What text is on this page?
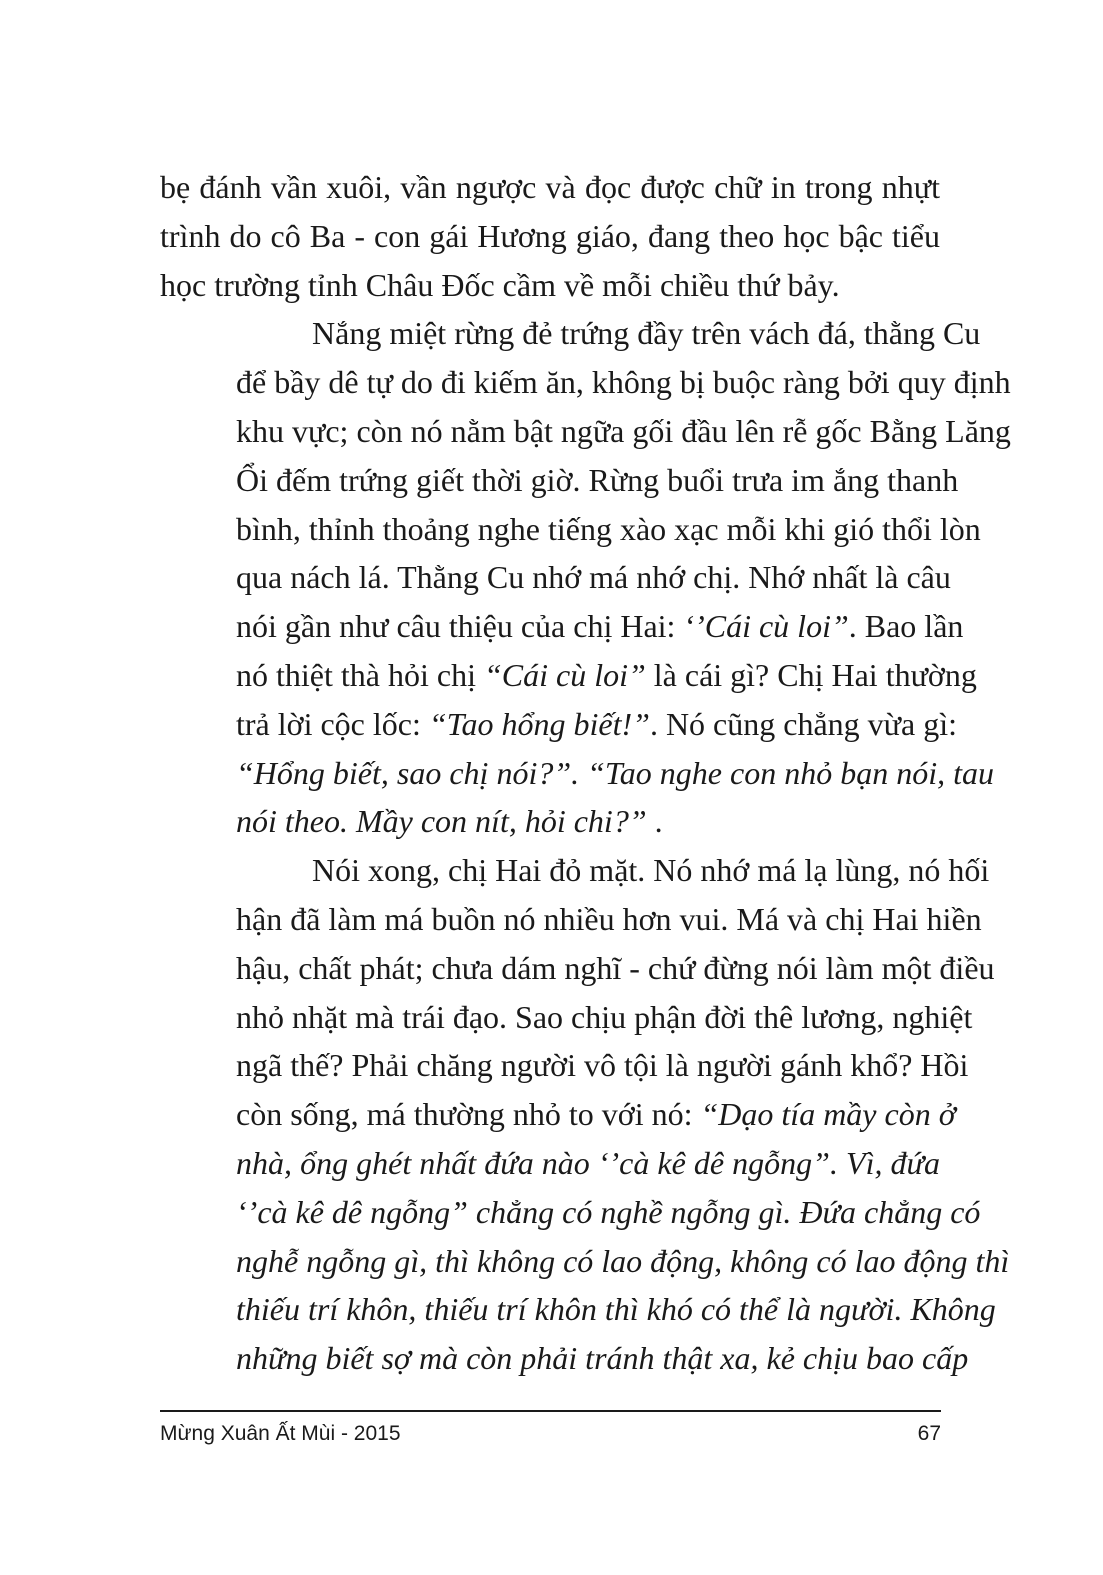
bẹ đánh vần xuôi, vần ngược và đọc được chữ in trong nhựt
trình do cô Ba - con gái Hương giáo, đang theo học bậc tiểu
học trường tỉnh Châu Đốc cầm về mỗi chiều thứ bảy.
Nắng miệt rừng đẻ trứng đầy trên vách đá, thằng Cu
để bầy dê tự do đi kiếm ăn, không bị buộc ràng bởi quy định
khu vực; còn nó nằm bật ngữa gối đầu lên rễ gốc Bằng Lăng
Ổi đếm trứng giết thời giờ. Rừng buổi trưa im ắng thanh
bình, thỉnh thoảng nghe tiếng xào xạc mỗi khi gió thổi lòn
qua nách lá. Thằng Cu nhớ má nhớ chị. Nhớ nhất là câu
nói gần như câu thiệu của chị Hai: ‘’Cái cù loi”. Bao lần
nó thiệt thà hỏi chị “Cái cù loi” là cái gì? Chị Hai thường
trả lời cộc lốc: “Tao hổng biết!”. Nó cũng chẳng vừa gì:
“Hổng biết, sao chị nói?”. “Tao nghe con nhỏ bạn nói, tau
nói theo. Mầy con nít, hỏi chi?” .
Nói xong, chị Hai đỏ mặt. Nó nhớ má lạ lùng, nó hối
hận đã làm má buồn nó nhiều hơn vui. Má và chị Hai hiền
hậu, chất phát; chưa dám nghĩ - chứ đừng nói làm một điều
nhỏ nhặt mà trái đạo. Sao chịu phận đời thê lương, nghiệt
ngã thế? Phải chăng người vô tội là người gánh khổ? Hồi
còn sống, má thường nhỏ to với nó: “Dạo tía mầy còn ở
nhà, ổng ghét nhất đứa nào ‘’cà kê dê ngỗng”. Vì, đứa
‘’cà kê dê ngỗng” chẳng có nghề ngỗng gì. Đứa chẳng có
nghễ ngỗng gì, thì không có lao động, không có lao động thì
thiếu trí khôn, thiếu trí khôn thì khó có thể là người. Không
những biết sợ mà còn phải tránh thật xa, kẻ chịu bao cấp
Mừng Xuân Ất Mùi - 2015	67
